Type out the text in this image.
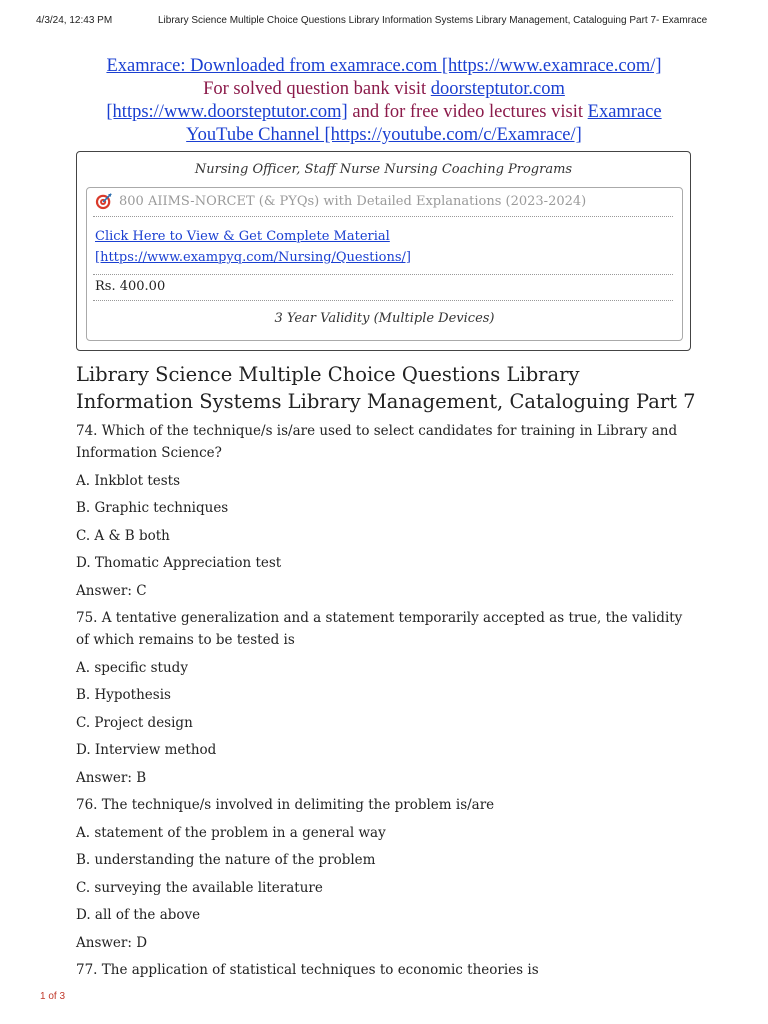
4/3/24, 12:43 PM	Library Science Multiple Choice Questions Library Information Systems Library Management, Cataloguing Part 7- Examrace
Examrace: Downloaded from examrace.com [https://www.examrace.com/]
For solved question bank visit doorsteptutor.com
[https://www.doorsteptutor.com] and for free video lectures visit Examrace
YouTube Channel [https://youtube.com/c/Examrace/]
Nursing Officer, Staff Nurse Nursing Coaching Programs
800 AIIMS-NORCET (& PYQs) with Detailed Explanations (2023-2024)
Click Here to View & Get Complete Material
[https://www.exampyq.com/Nursing/Questions/]
Rs. 400.00
3 Year Validity (Multiple Devices)
Library Science Multiple Choice Questions Library Information Systems Library Management, Cataloguing Part 7
74. Which of the technique/s is/are used to select candidates for training in Library and Information Science?
A. Inkblot tests
B. Graphic techniques
C. A & B both
D. Thomatic Appreciation test
Answer: C
75. A tentative generalization and a statement temporarily accepted as true, the validity of which remains to be tested is
A. specific study
B. Hypothesis
C. Project design
D. Interview method
Answer: B
76. The technique/s involved in delimiting the problem is/are
A. statement of the problem in a general way
B. understanding the nature of the problem
C. surveying the available literature
D. all of the above
Answer: D
77. The application of statistical techniques to economic theories is
1 of 3
